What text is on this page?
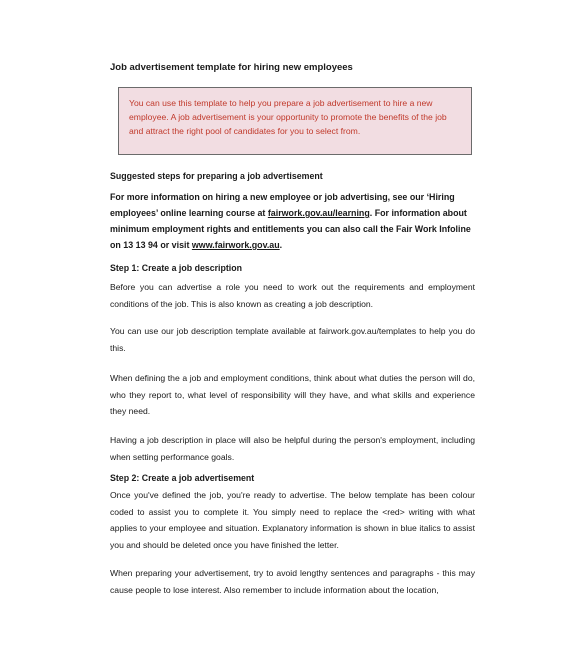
Job advertisement template for hiring new employees

You can use this template to help you prepare a job advertisement to hire a new employee. A job advertisement is your opportunity to promote the benefits of the job and attract the right pool of candidates for you to select from.

Suggested steps for preparing a job advertisement
For more information on hiring a new employee or job advertising, see our ‘Hiring employees’ online learning course at fairwork.gov.au/learning. For information about minimum employment rights and entitlements you can also call the Fair Work Infoline on 13 13 94 or visit www.fairwork.gov.au.
Step 1: Create a job description

Before you can advertise a role you need to work out the requirements and employment conditions of the job. This is also known as creating a job description.

You can use our job description template available at fairwork.gov.au/templates to help you do this.

When defining the a job and employment conditions, think about what duties the person will do, who they report to, what level of responsibility will they have, and what skills and experience they need.

Having a job description in place will also be helpful during the person's employment, including when setting performance goals.

Step 2: Create a job advertisement

Once you've defined the job, you're ready to advertise. The below template has been colour coded to assist you to complete it. You simply need to replace the <red> writing with what applies to your employee and situation. Explanatory information is shown in blue italics to assist you and should be deleted once you have finished the letter.

When preparing your advertisement, try to avoid lengthy sentences and paragraphs - this may cause people to lose interest. Also remember to include information about the location,
